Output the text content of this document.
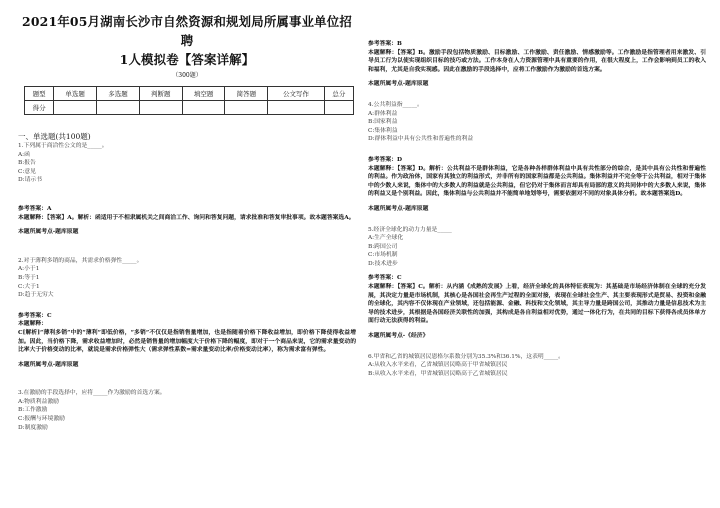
2021年05月湖南长沙市自然资源和规划局所属事业单位招聘
1人模拟卷【答案详解】
（300题）
题型	单选题	多选题	判断题	填空题	简答题	公文写作	总分
得分							
一、单选题(共100题)
1.下列属于商洽性公文的是_____。
A:函
B:报告
C:意见
D:请示书
参考答案：A
本题解释：【答案】A。解析：函适用于不相隶属机关之间商洽工作、询问和答复问题，请求批准和答复审批事项。故本题答案选A。
本题所属考点-题库原题
2.对于薄利多销的商品，其需求价格弹性_____。
A:小于1
B:等于1
C:大于1
D:趋于无穷大
参考答案：C
本题解释：
C[解析]“薄利多销”中的“薄利”即低价格，“多销”不仅仅是指销售量增加，也是指随着价格下降收益增加，即价格下降使得收益增加。因此，当价格下降，需求收益增加时，必然是销售量的增加幅度大于价格下降的幅度，即对于一个商品来说，它的需求量变动的比率大于价格变动的比率，就说是需求价格弹性大（需求弹性系数=需求量变动比率/价格变动比率），称为需求富有弹性。
本题所属考点-题库原题
3.在激励的手段选择中，应将_____作为激励的首选方案。
A:物质利益激励
B:工作激励
C:报酬与环境激励
D:制度激励
参考答案：B
本题解释：【答案】B。激励手段包括物质激励、目标激励、工作激励、责任激励、情感激励等。工作激励是指管理者用来激发、引导员工行为以使实现组织目标的技巧或方法。工作本身在人力资源管理中具有重要的作用，在很大程度上，工作会影响到员工的收入和福利，尤其是自我实现感。因此在激励的手段选择中，应将工作激励作为激励的首选方案。
本题所属考点-题库原题
4.公共利益指_____。
A:群体利益
B:国家利益
C:集体利益
D:群体利益中具有公共性和普遍性的利益
参考答案：D
本题解释：【答案】D。解析：公共利益不是群体利益，它是各种各样群体利益中具有共性部分的综合，是其中具有公共性和普遍性的利益。作为政治体，国家有其独立的利益形式，并非所有的国家利益都是公共利益。集体利益并不完全等于公共利益，相对于集体中的少数人来说，集体中的大多数人的利益就是公共利益，但它仍对于集体而言却具有局部的意义的共同体中的大多数人来说，集体的利益又是个别利益。因此，集体利益与公共利益并不能简单地划等号，需要依据对不同的对象具体分析。故本题答案选D。
本题所属考点-题库原题
5.经济全球化的动力力量是_____
A:生产全球化
B:跨国公司
C:市场机制
D:技术进步
参考答案：C
本题解释：【答案】C。解析：从内涵《成熟的发展》上看，经济全球化的具体特征表现为：其基础是市场经济体制在全球的充分发展，其决定力量是市场机制，其核心是各国社会再生产过程的全面对接，表现在全球社会生产、其主要表现形式是贸易、投资和金融的全球化，其内容不仅体现在产业领域，还包括能源、金融、科技和文化领域，其主导力量是跨国公司，其推动力量是信息技术为主导的技术进步，其根据是各国经济关联性的加强，其构成是各自利益相对优势，通过一体化行为，在共同的目标下获得各成员体单方面行动无法获得的利益。
本题所属考点-《经济》
6.甲省和乙省的城镇居民恩格尔系数分别为35.3%和36.1%，这表明_____。
A:从收入水平来看，乙省城镇居民略高于甲省城镇居民
B:从收入水平来看，甲省城镇居民略高于乙省城镇居民
